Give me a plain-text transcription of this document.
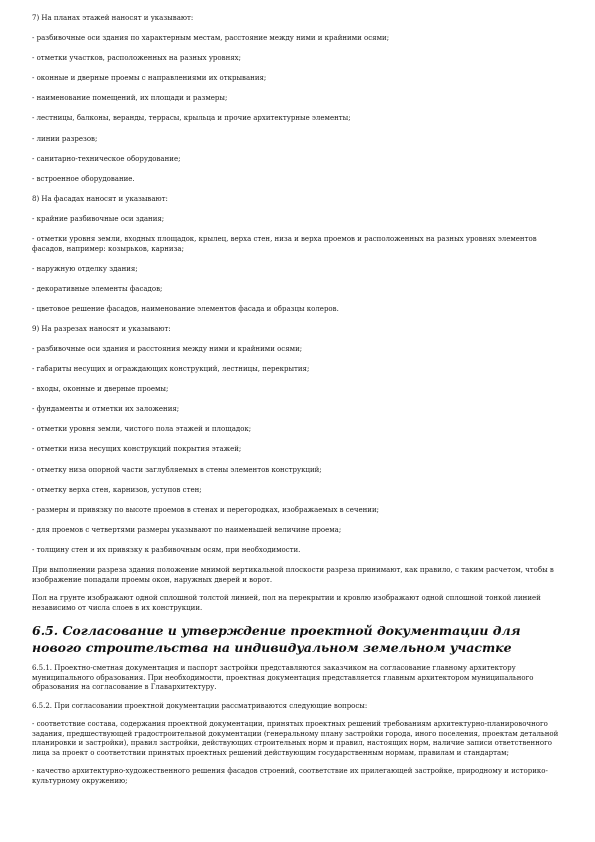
7) На планах этажей наносят и указывают:
- разбивочные оси здания по характерным местам, расстояние между ними и крайними осями;
- отметки участков, расположенных на разных уровнях;
- оконные и дверные проемы с направлениями их открывания;
- наименование помещений, их площади и размеры;
- лестницы, балконы, веранды, террасы, крыльца и прочие архитектурные элементы;
- линии разрезов;
- санитарно-техническое оборудование;
- встроенное оборудование.
8) На фасадах наносят и указывают:
- крайние разбивочные оси здания;
- отметки уровня земли, входных площадок, крылец, верха стен, низа и верха проемов и расположенных на разных уровнях элементов фасадов, например: козырьков, карниза;
- наружную отделку здания;
- декоративные элементы фасадов;
- цветовое решение фасадов, наименование элементов фасада и образцы колеров.
9) На разрезах наносят и указывают:
- разбивочные оси здания и расстояния между ними и крайними осями;
- габариты несущих и ограждающих конструкций, лестницы, перекрытия;
- входы, оконные и дверные проемы;
- фундаменты и отметки их заложения;
- отметки уровня земли, чистого пола этажей и площадок;
- отметки низа несущих конструкций покрытия этажей;
- отметку низа опорной части заглубляемых в стены элементов конструкций;
- отметку верха стен, карнизов, уступов стен;
- размеры и привязку по высоте проемов в стенах и перегородках, изображаемых в сечении;
- для проемов с четвертями размеры указывают по наименьшей величине проема;
- толщину стен и их привязку к разбивочным осям, при необходимости.
При выполнении разреза здания положение мнимой вертикальной плоскости разреза принимают, как правило, с таким расчетом, чтобы в изображение попадали проемы окон, наружных дверей и ворот.
Пол на грунте изображают одной сплошной толстой линией, пол на перекрытии и кровлю изображают одной сплошной тонкой линией независимо от числа слоев в их конструкции.
6.5. Согласование и утверждение проектной документации для нового строительства на индивидуальном земельном участке
6.5.1. Проектно-сметная документация и паспорт застройки представляются заказчиком на согласование главному архитектору муниципального образования. При необходимости, проектная документация представляется главным архитектором муниципального образования на согласование в Главархитектуру.
6.5.2. При согласовании проектной документации рассматриваются следующие вопросы:
- соответствие состава, содержания проектной документации, принятых проектных решений требованиям архитектурно-планировочного задания, предшествующей градостроительной документации (генеральному плану застройки города, иного поселения, проектам детальной планировки и застройки), правил застройки, действующих строительных норм и правил, настоящих норм, наличие записи ответственного лица за проект о соответствии принятых проектных решений действующим государственным нормам, правилам и стандартам;
- качество архитектурно-художественного решения фасадов строений, соответствие их прилегающей застройке, природному и историко-культурному окружению;
